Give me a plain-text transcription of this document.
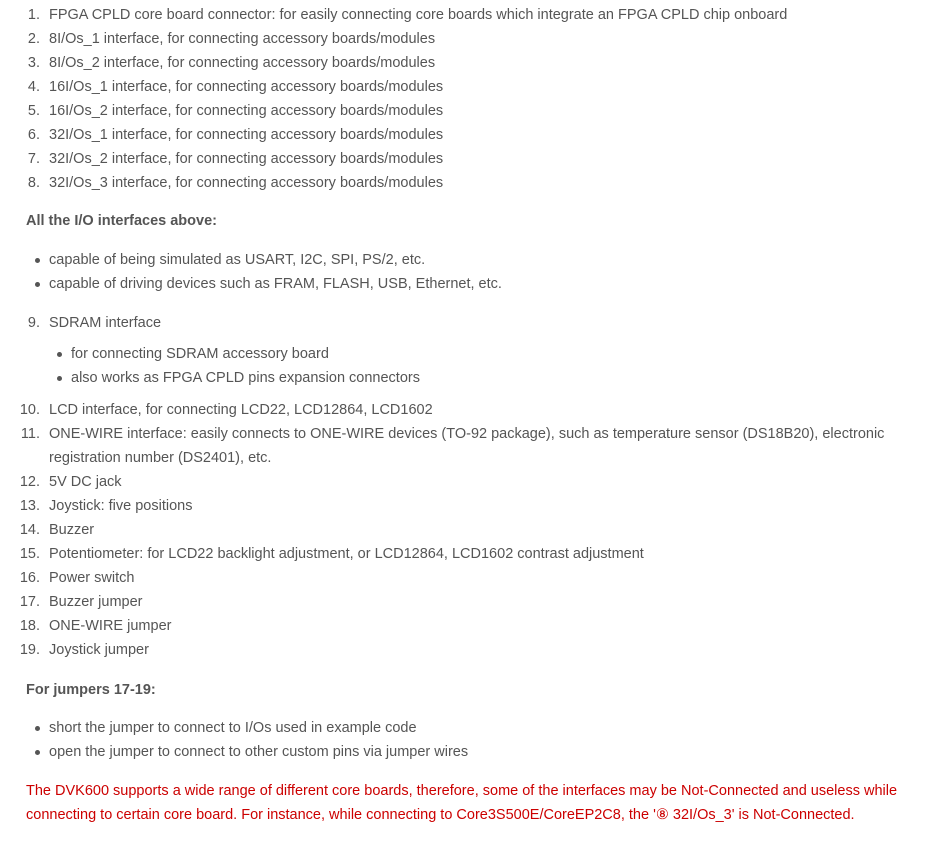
1. FPGA CPLD core board connector: for easily connecting core boards which integrate an FPGA CPLD chip onboard
2. 8I/Os_1 interface, for connecting accessory boards/modules
3. 8I/Os_2 interface, for connecting accessory boards/modules
4. 16I/Os_1 interface, for connecting accessory boards/modules
5. 16I/Os_2 interface, for connecting accessory boards/modules
6. 32I/Os_1 interface, for connecting accessory boards/modules
7. 32I/Os_2 interface, for connecting accessory boards/modules
8. 32I/Os_3 interface, for connecting accessory boards/modules

All the I/O interfaces above:

capable of being simulated as USART, I2C, SPI, PS/2, etc.
capable of driving devices such as FRAM, FLASH, USB, Ethernet, etc.
9. SDRAM interface
for connecting SDRAM accessory board
also works as FPGA CPLD pins expansion connectors
10. LCD interface, for connecting LCD22, LCD12864, LCD1602
11. ONE-WIRE interface: easily connects to ONE-WIRE devices (TO-92 package), such as temperature sensor (DS18B20), electronic registration number (DS2401), etc.
12. 5V DC jack
13. Joystick: five positions
14. Buzzer
15. Potentiometer: for LCD22 backlight adjustment, or LCD12864, LCD1602 contrast adjustment
16. Power switch
17. Buzzer jumper
18. ONE-WIRE jumper
19. Joystick jumper

For jumpers 17-19:

short the jumper to connect to I/Os used in example code
open the jumper to connect to other custom pins via jumper wires

The DVK600 supports a wide range of different core boards, therefore, some of the interfaces may be Not-Connected and useless while connecting to certain core board. For instance, while connecting to Core3S500E/CoreEP2C8, the '⑧ 32I/Os_3' is Not-Connected.
